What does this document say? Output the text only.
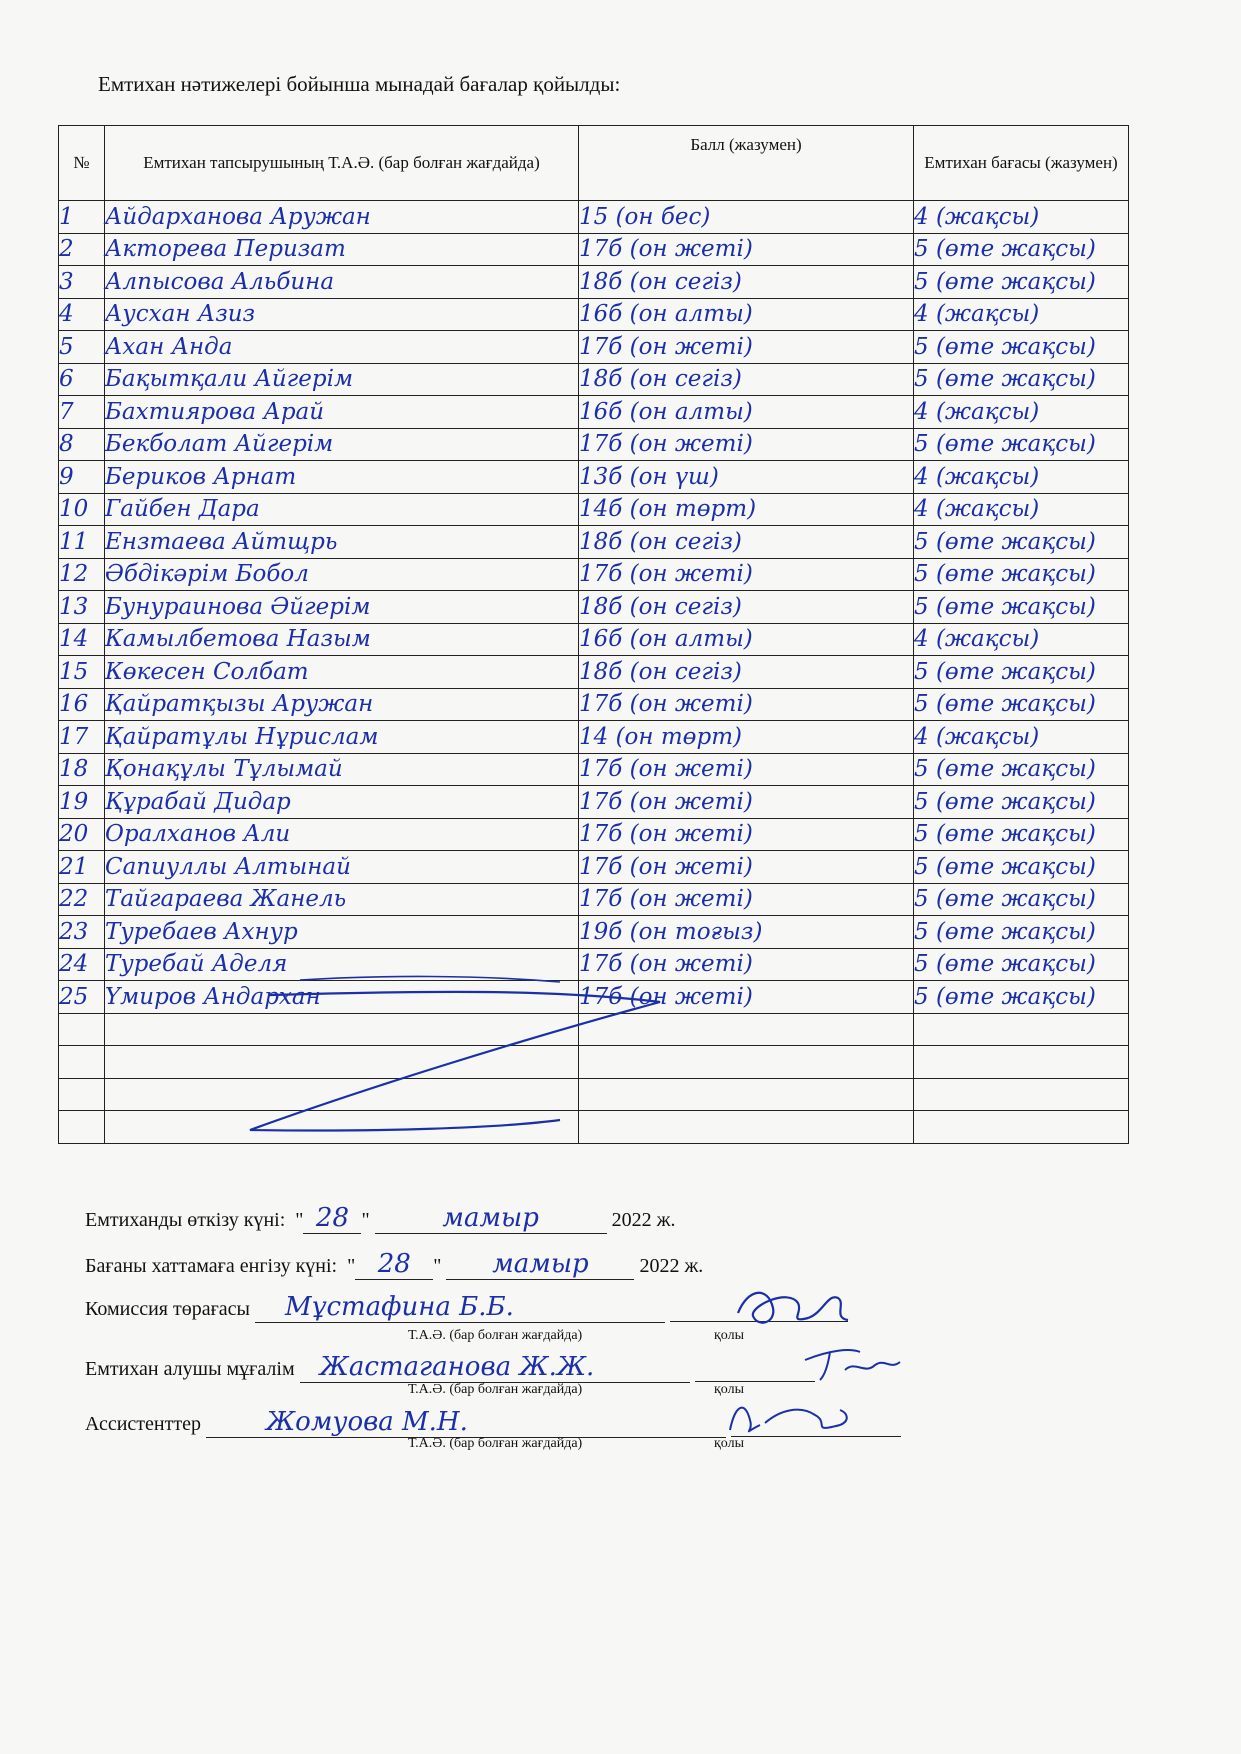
Емтихан нәтижелері бойынша мынадай бағалар қойылды:
№	Емтихан тапсырушының Т.А.Ә. (бар болған жағдайда)	Балл (жазумен)	Емтихан бағасы (жазумен)
1	Айдарханова Аружан	15 (он бес)	4 (жақсы)
2	Акторева Перизат	17б (он жеті)	5 (өте жақсы)
3	Алпысова Альбина	18б (он сегіз)	5 (өте жақсы)
4	Аусхан Азиз	16б (он алты)	4 (жақсы)
5	Ахан Анда	17б (он жеті)	5 (өте жақсы)
6	Бақытқали Айгерім	18б (он сегіз)	5 (өте жақсы)
7	Бахтиярова Арай	16б (он алты)	4 (жақсы)
8	Бекболат Айгерім	17б (он жеті)	5 (өте жақсы)
9	Бериков Арнат	13б (он үш)	4 (жақсы)
10	Гайбен Дара	14б (он төрт)	4 (жақсы)
11	Ензтаева Айтщрь	18б (он сегіз)	5 (өте жақсы)
12	Әбдікәрім Бобол	17б (он жеті)	5 (өте жақсы)
13	Бунураинова Әйгерім	18б (он сегіз)	5 (өте жақсы)
14	Камылбетова Назым	16б (он алты)	4 (жақсы)
15	Көкесен Солбат	18б (он сегіз)	5 (өте жақсы)
16	Қайратқызы Аружан	17б (он жеті)	5 (өте жақсы)
17	Қайратұлы Нұрислам	14 (он төрт)	4 (жақсы)
18	Қонақұлы Тұлымай	17б (он жеті)	5 (өте жақсы)
19	Құрабай Дидар	17б (он жеті)	5 (өте жақсы)
20	Оралханов Али	17б (он жеті)	5 (өте жақсы)
21	Сапиуллы Алтынай	17б (он жеті)	5 (өте жақсы)
22	Тайгараева Жанель	17б (он жеті)	5 (өте жақсы)
23	Туребаев Ахнур	19б (он тоғыз)	5 (өте жақсы)
24	Туребай Аделя	17б (он жеті)	5 (өте жақсы)
25	Үмиров Андархан	17б (он жеті)	5 (өте жақсы)

Емтиханды өткізу күні:  " 28 "	мамыр	2022 ж.
Бағаны хаттамаға енгізу күні:  " 28 " мамыр	2022 ж.
Комиссия төрағасы Мұстафина Б.Б.
Т.А.Ә. (бар болған жағдайда)	қолы
Емтихан алушы мұғалім Жастаганова Ж.Ж.
Т.А.Ә. (бар болған жағдайда)	қолы
Ассистенттер	Жомуова М.Н.
Т.А.Ә. (бар болған жағдайда)	қолы
